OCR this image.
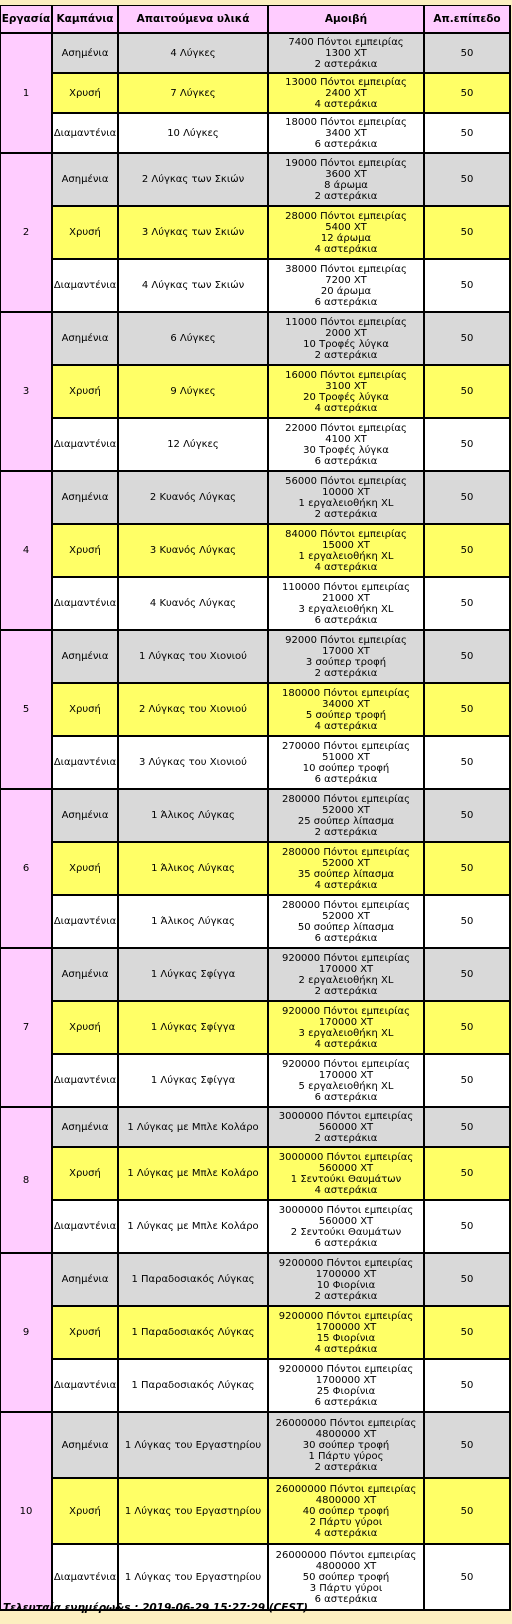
Εργασία	Καμπάνια	Απαιτούμενα υλικά	Αμοιβή	Απ.επίπεδο
1	Ασημένια	4 Λύγκες	7400 Πόντοι εμπειρίας
1300 XT
2 αστεράκια	50
	Χρυσή	7 Λύγκες	13000 Πόντοι εμπειρίας
2400 XT
4 αστεράκια	50
	Διαμαντένια	10 Λύγκες	18000 Πόντοι εμπειρίας
3400 XT
6 αστεράκια	50
2	Ασημένια	2 Λύγκας των Σκιών	19000 Πόντοι εμπειρίας
3600 XT
8 άρωμα
2 αστεράκια	50
	Χρυσή	3 Λύγκας των Σκιών	28000 Πόντοι εμπειρίας
5400 XT
12 άρωμα
4 αστεράκια	50
	Διαμαντένια	4 Λύγκας των Σκιών	38000 Πόντοι εμπειρίας
7200 XT
20 άρωμα
6 αστεράκια	50
3	Ασημένια	6 Λύγκες	11000 Πόντοι εμπειρίας
2000 XT
10 Τροφές λύγκα
2 αστεράκια	50
	Χρυσή	9 Λύγκες	16000 Πόντοι εμπειρίας
3100 XT
20 Τροφές λύγκα
4 αστεράκια	50
	Διαμαντένια	12 Λύγκες	22000 Πόντοι εμπειρίας
4100 XT
30 Τροφές λύγκα
6 αστεράκια	50
4	Ασημένια	2 Κυανός Λύγκας	56000 Πόντοι εμπειρίας
10000 XT
1 εργαλειοθήκη XL
2 αστεράκια	50
	Χρυσή	3 Κυανός Λύγκας	84000 Πόντοι εμπειρίας
15000 XT
1 εργαλειοθήκη XL
4 αστεράκια	50
	Διαμαντένια	4 Κυανός Λύγκας	110000 Πόντοι εμπειρίας
21000 XT
3 εργαλειοθήκη XL
6 αστεράκια	50
5	Ασημένια	1 Λύγκας του Χιονιού	92000 Πόντοι εμπειρίας
17000 XT
3 σούπερ τροφή
2 αστεράκια	50
	Χρυσή	2 Λύγκας του Χιονιού	180000 Πόντοι εμπειρίας
34000 XT
5 σούπερ τροφή
4 αστεράκια	50
	Διαμαντένια	3 Λύγκας του Χιονιού	270000 Πόντοι εμπειρίας
51000 XT
10 σούπερ τροφή
6 αστεράκια	50
6	Ασημένια	1 Άλικος Λύγκας	280000 Πόντοι εμπειρίας
52000 XT
25 σούπερ λίπασμα
2 αστεράκια	50
	Χρυσή	1 Άλικος Λύγκας	280000 Πόντοι εμπειρίας
52000 XT
35 σούπερ λίπασμα
4 αστεράκια	50
	Διαμαντένια	1 Άλικος Λύγκας	280000 Πόντοι εμπειρίας
52000 XT
50 σούπερ λίπασμα
6 αστεράκια	50
7	Ασημένια	1 Λύγκας Σφίγγα	920000 Πόντοι εμπειρίας
170000 XT
2 εργαλειοθήκη XL
2 αστεράκια	50
	Χρυσή	1 Λύγκας Σφίγγα	920000 Πόντοι εμπειρίας
170000 XT
3 εργαλειοθήκη XL
4 αστεράκια	50
	Διαμαντένια	1 Λύγκας Σφίγγα	920000 Πόντοι εμπειρίας
170000 XT
5 εργαλειοθήκη XL
6 αστεράκια	50
8	Ασημένια	1 Λύγκας με Μπλε Κολάρο	3000000 Πόντοι εμπειρίας
560000 XT
2 αστεράκια	50
	Χρυσή	1 Λύγκας με Μπλε Κολάρο	3000000 Πόντοι εμπειρίας
560000 XT
1 Σεντούκι Θαυμάτων
4 αστεράκια	50
	Διαμαντένια	1 Λύγκας με Μπλε Κολάρο	3000000 Πόντοι εμπειρίας
560000 XT
2 Σεντούκι Θαυμάτων
6 αστεράκια	50
9	Ασημένια	1 Παραδοσιακός Λύγκας	9200000 Πόντοι εμπειρίας
1700000 XT
10 Φιορίνια
2 αστεράκια	50
	Χρυσή	1 Παραδοσιακός Λύγκας	9200000 Πόντοι εμπειρίας
1700000 XT
15 Φιορίνια
4 αστεράκια	50
	Διαμαντένια	1 Παραδοσιακός Λύγκας	9200000 Πόντοι εμπειρίας
1700000 XT
25 Φιορίνια
6 αστεράκια	50
10	Ασημένια	1 Λύγκας του Εργαστηρίου	26000000 Πόντοι εμπειρίας
4800000 XT
30 σούπερ τροφή
1 Πάρτυ γύρος
2 αστεράκια	50
	Χρυσή	1 Λύγκας του Εργαστηρίου	26000000 Πόντοι εμπειρίας
4800000 XT
40 σούπερ τροφή
2 Πάρτυ γύροι
4 αστεράκια	50
	Διαμαντένια	1 Λύγκας του Εργαστηρίου	26000000 Πόντοι εμπειρίας
4800000 XT
50 σούπερ τροφή
3 Πάρτυ γύροι
6 αστεράκια	50
Τελευταία ενημέρω&s : 2019-06-29 15:27:29 (CEST)
